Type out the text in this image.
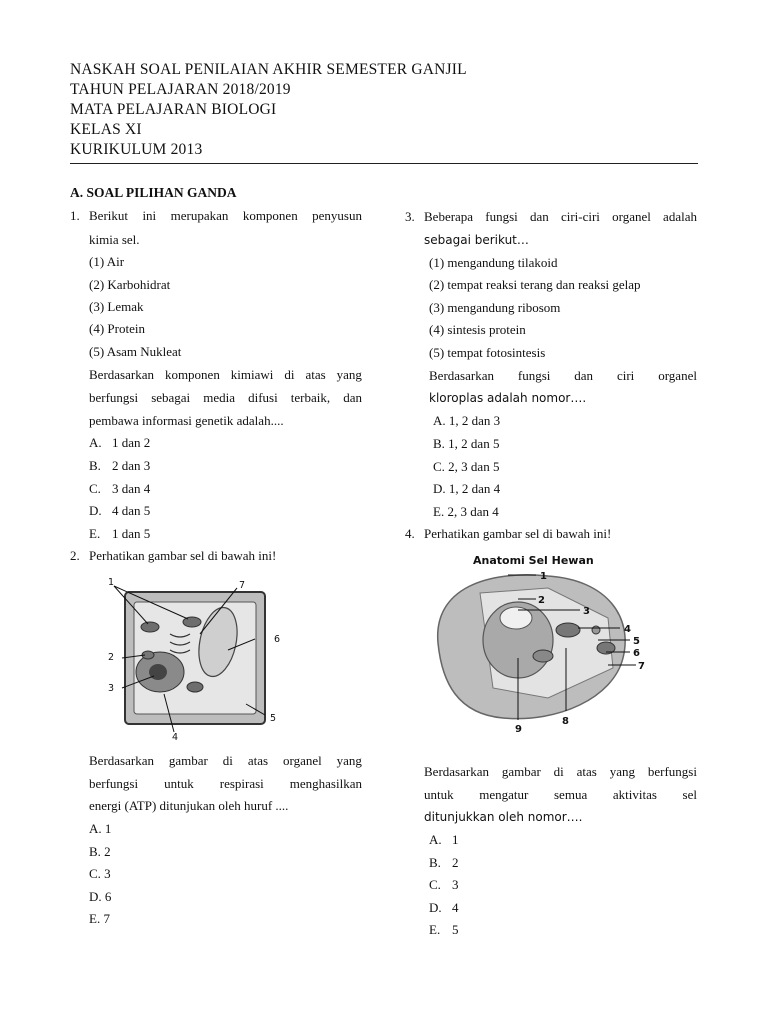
NASKAH SOAL PENILAIAN AKHIR SEMESTER GANJIL
TAHUN PELAJARAN 2018/2019
MATA PELAJARAN BIOLOGI
KELAS XI
KURIKULUM 2013
A. SOAL PILIHAN GANDA
1. Berikut ini merupakan komponen penyusun
kimia sel.
(1) Air
(2) Karbohidrat
(3) Lemak
(4) Protein
(5) Asam Nukleat
Berdasarkan komponen kimiawi di atas yang
berfungsi sebagai media difusi terbaik, dan
pembawa informasi genetik adalah....
A. 1 dan 2
B. 2 dan 3
C. 3 dan 4
D. 4 dan 5
E. 1 dan 5
2. Perhatikan gambar sel di bawah ini!
1	7
6
2
3
5
4
Berdasarkan gambar di atas organel yang
berfungsi untuk respirasi menghasilkan
energi (ATP) ditunjukan oleh huruf ....
A. 1
B. 2
C. 3
D. 6
E. 7
3. Beberapa fungsi dan ciri-ciri organel adalah
sebagai berikut…
(1) mengandung tilakoid
(2) tempat reaksi terang dan reaksi gelap
(3) mengandung ribosom
(4) sintesis protein
(5) tempat fotosintesis
Berdasarkan fungsi dan ciri organel
kloroplas adalah nomor….
A. 1, 2 dan 3
B. 1, 2 dan 5
C. 2, 3 dan 5
D. 1, 2 dan 4
E. 2, 3 dan 4
4. Perhatikan gambar sel di bawah ini!
Anatomi Sel Hewan
1
2
3
4
5
6
7
8
9
Berdasarkan gambar di atas yang berfungsi
untuk mengatur semua aktivitas sel
ditunjukkan oleh nomor….
A. 1
B. 2
C. 3
D. 4
E. 5
